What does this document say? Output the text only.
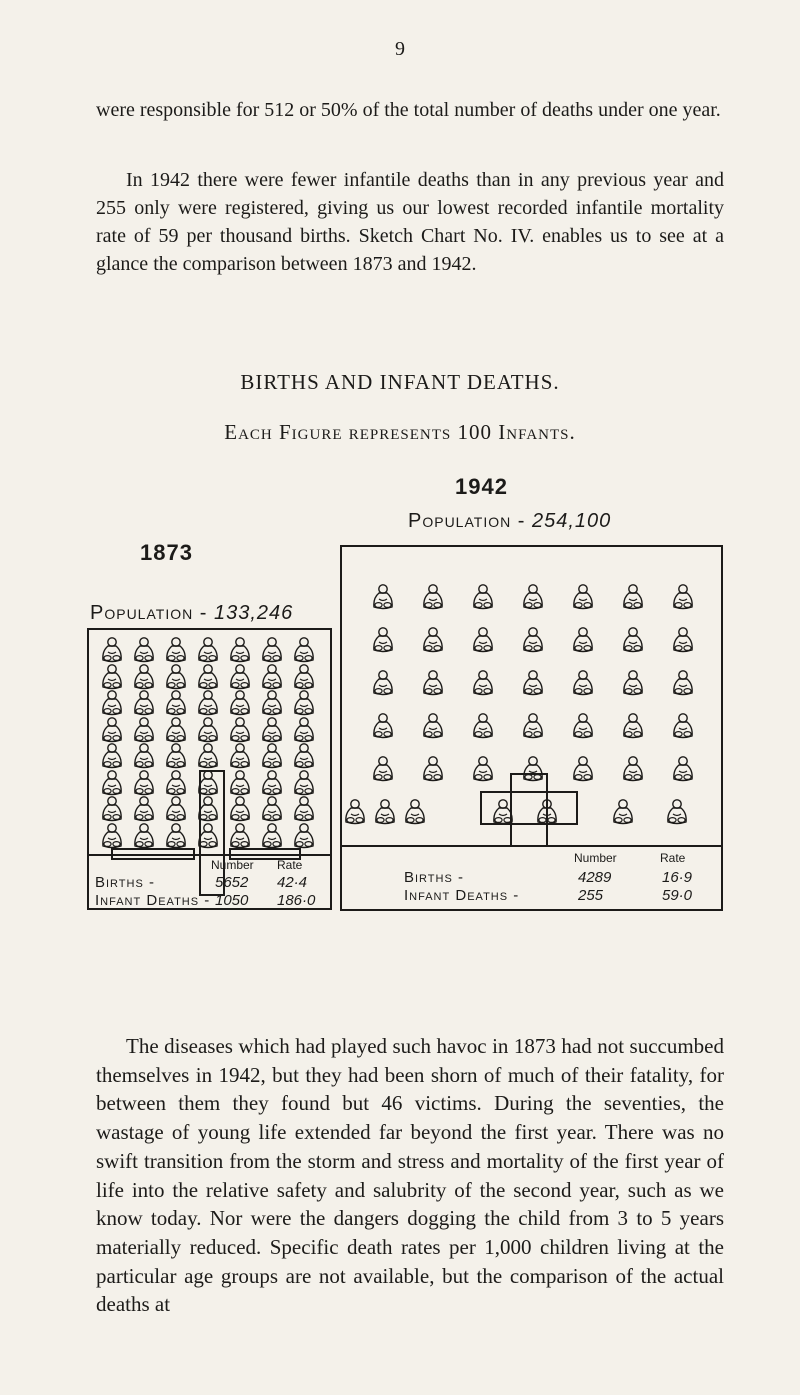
9

were responsible for 512 or 50% of the total number of deaths under one year.

In 1942 there were fewer infantile deaths than in any previous year and 255 only were registered, giving us our lowest recorded infantile mortality rate of 59 per thousand births. Sketch Chart No. IV. enables us to see at a glance the comparison between 1873 and 1942.

BIRTHS AND INFANT DEATHS.
Each Figure represents 100 Infants.
1942
Population - 254,100
1873
Population - 133,246
Number Rate
Births -	5652 42·4
Infant Deaths - 1050 186·0
Number	Rate
Births -	4289	16·9
Infant Deaths -	255	59·0

The diseases which had played such havoc in 1873 had not succumbed themselves in 1942, but they had been shorn of much of their fatality, for between them they found but 46 victims. During the seventies, the wastage of young life extended far beyond the first year. There was no swift transition from the storm and stress and mortality of the first year of life into the relative safety and salubrity of the second year, such as we know today. Nor were the dangers dogging the child from 3 to 5 years materially reduced. Specific death rates per 1,000 children living at the particular age groups are not available, but the comparison of the actual deaths at
